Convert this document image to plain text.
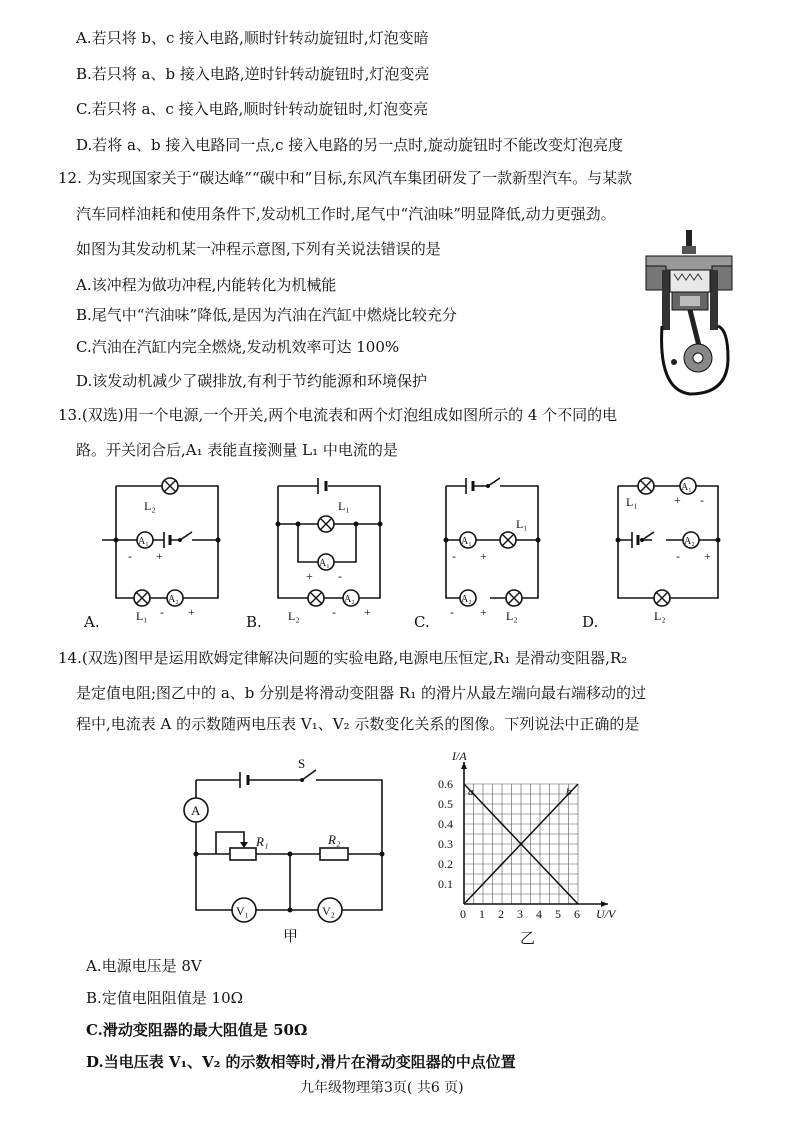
A.若只将 b、c 接入电路,顺时针转动旋钮时,灯泡变暗
B.若只将 a、b 接入电路,逆时针转动旋钮时,灯泡变亮
C.若只将 a、c 接入电路,顺时针转动旋钮时,灯泡变亮
D.若将 a、b 接入电路同一点,c 接入电路的另一点时,旋动旋钮时不能改变灯泡亮度
12. 为实现国家关于“碳达峰”“碳中和”目标,东风汽车集团研发了一款新型汽车。与某款
汽车同样油耗和使用条件下,发动机工作时,尾气中“汽油味”明显降低,动力更强劲。
如图为其发动机某一冲程示意图,下列有关说法错误的是
A.该冲程为做功冲程,内能转化为机械能
B.尾气中“汽油味”降低,是因为汽油在汽缸中燃烧比较充分
C.汽油在汽缸内完全燃烧,发动机效率可达 100%
D.该发动机减少了碳排放,有利于节约能源和环境保护
13.(双选)用一个电源,一个开关,两个电流表和两个灯泡组成如图所示的 4 个不同的电
路。开关闭合后,A₁ 表能直接测量 L₁ 中电流的是
L₂
A₁
- +
L₁
A₂
- +
A.
L₁
A₁
+ -
L₂
A₂
- +
B.
A₁
- +
L₁
A₂
- + L₂
C.
L₁
A₁
+ -
A₂
- +
L₂
D.
14.(双选)图甲是运用欧姆定律解决问题的实验电路,电源电压恒定,R₁ 是滑动变阻器,R₂
是定值电阻;图乙中的 a、b 分别是将滑动变阻器 R₁ 的滑片从最左端向最右端移动的过
程中,电流表 A 的示数随两电压表 V₁、V₂ 示数变化关系的图像。下列说法中正确的是
S
A
R₁	R₂
V₁	V₂
甲
0 1 2 3 4 5 6
0.1
0.2
0.3
0.4
0.5
0.6
U/V
I/A
a	b
乙
A.电源电压是 8V
B.定值电阻阻值是 10Ω
C.滑动变阻器的最大阻值是 50Ω
D.当电压表 V₁、V₂ 的示数相等时,滑片在滑动变阻器的中点位置
九年级物理第3页( 共6 页)
